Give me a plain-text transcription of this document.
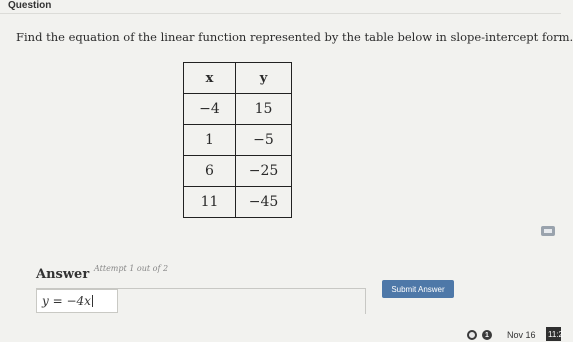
Question
Find the equation of the linear function represented by the table below in slope-intercept form.
x	y
−4	15
1	−5
6	−25
11	−45
Answer Attempt 1 out of 2
y = −4x
Submit Answer
1	Nov 16 11:2
